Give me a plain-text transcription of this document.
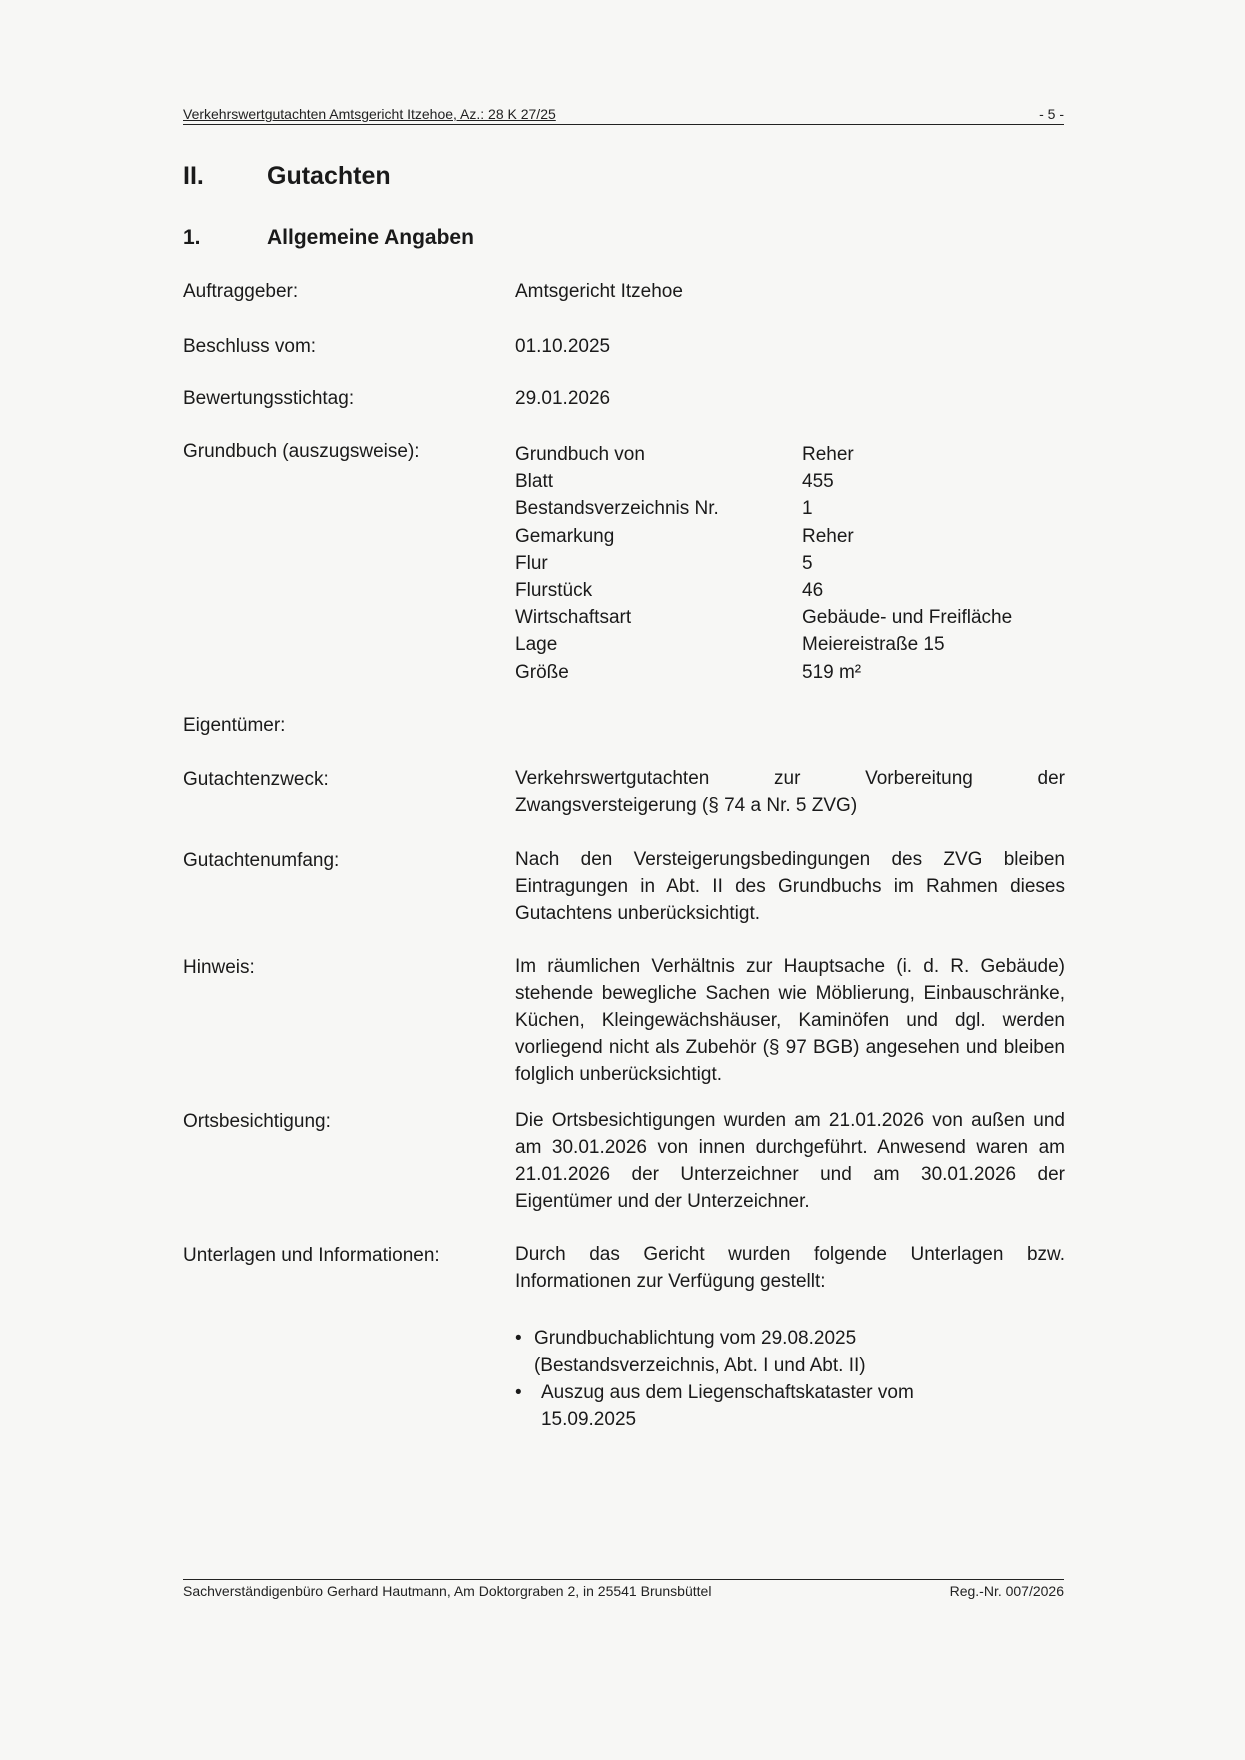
Verkehrswertgutachten Amtsgericht Itzehoe, Az.: 28 K 27/25	- 5 -
II.	Gutachten
1.	Allgemeine Angaben
Auftraggeber:	Amtsgericht Itzehoe
Beschluss vom:	01.10.2025
Bewertungsstichtag:	29.01.2026
Grundbuch (auszugsweise):	Grundbuch von	Reher
Blatt	455
Bestandsverzeichnis Nr.	1
Gemarkung	Reher
Flur	5
Flurstück	46
Wirtschaftsart	Gebäude- und Freifläche
Lage	Meiereistraße 15
Größe	519 m²
Eigentümer:
Gutachtenzweck:	Verkehrswertgutachten zur Vorbereitung der Zwangsversteigerung (§ 74 a Nr. 5 ZVG)
Gutachtenumfang:	Nach den Versteigerungsbedingungen des ZVG bleiben Eintragungen in Abt. II des Grundbuchs im Rahmen dieses Gutachtens unberücksichtigt.
Hinweis:	Im räumlichen Verhältnis zur Hauptsache (i. d. R. Gebäude) stehende bewegliche Sachen wie Möblierung, Einbauschränke, Küchen, Kleingewächshäuser, Kaminöfen und dgl. werden vorliegend nicht als Zubehör (§ 97 BGB) angesehen und bleiben folglich unberücksichtigt.
Ortsbesichtigung:	Die Ortsbesichtigungen wurden am 21.01.2026 von außen und am 30.01.2026 von innen durchgeführt. Anwesend waren am 21.01.2026 der Unterzeichner und am 30.01.2026 der Eigentümer und der Unterzeichner.
Unterlagen und Informationen:	Durch das Gericht wurden folgende Unterlagen bzw. Informationen zur Verfügung gestellt:
• Grundbuchablichtung vom 29.08.2025 (Bestandsverzeichnis, Abt. I und Abt. II)
•	Auszug aus dem Liegenschaftskataster vom 15.09.2025
Sachverständigenbüro Gerhard Hautmann, Am Doktorgraben 2, in 25541 Brunsbüttel	Reg.-Nr. 007/2026
